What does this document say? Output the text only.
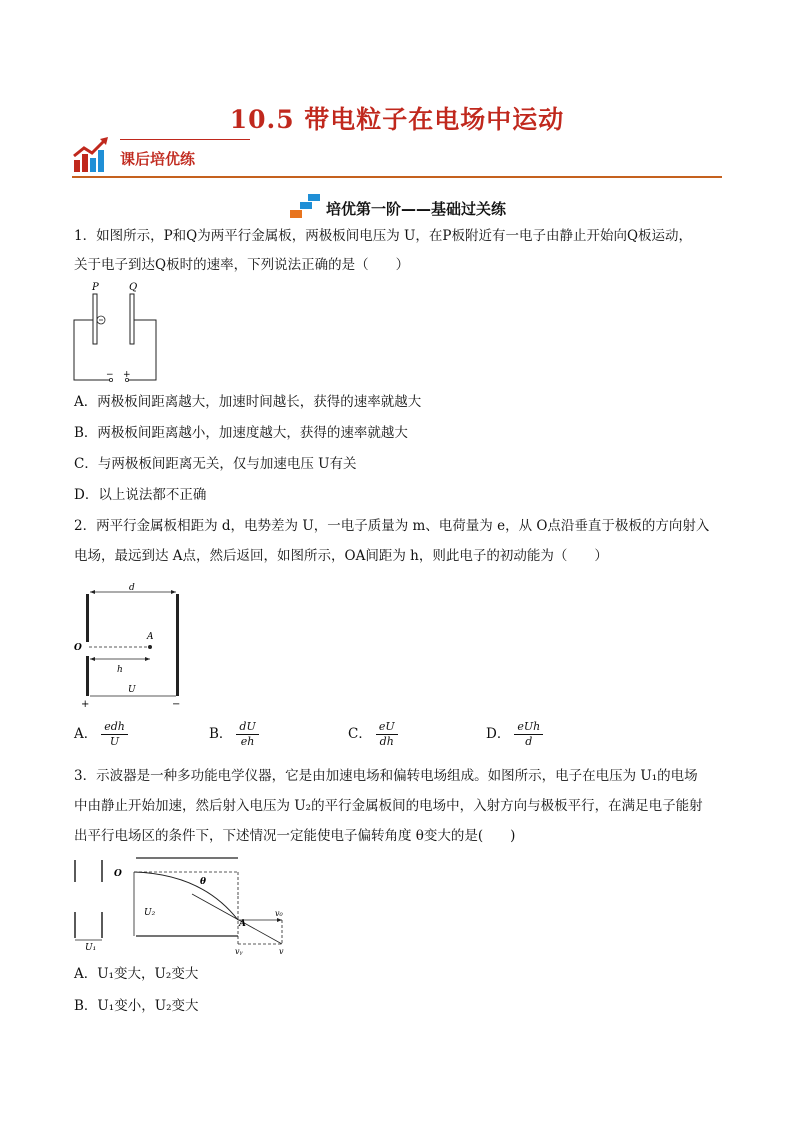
10.5 带电粒子在电场中运动
课后培优练
培优第一阶——基础过关练
1．如图所示，P和Q为两平行金属板，两极板间电压为 U，在P板附近有一电子由静止开始向Q板运动，
关于电子到达Q板时的速率，下列说法正确的是（　　）
P	Q
− +
A．两极板间距离越大，加速时间越长，获得的速率就越大
B．两极板间距离越小，加速度越大，获得的速率就越大
C．与两极板间距离无关，仅与加速电压 U有关
D．以上说法都不正确
2．两平行金属板相距为 d，电势差为 U，一电子质量为 m、电荷量为 e，从 O点沿垂直于极板的方向射入
电场，最远到达 A点，然后返回，如图所示，OA间距为 h，则此电子的初动能为（　　）
d
O
A
h
U
+	−
A． $\frac{\text{edh}}{U}$	B． $\frac{dU}{eh}$	C． $\frac{eU}{dh}$	D． $\frac{\text{eUh}}{d}$
3．示波器是一种多功能电学仪器，它是由加速电场和偏转电场组成。如图所示，电子在电压为 U₁的电场
中由静止开始加速，然后射入电压为 U₂的平行金属板间的电场中，入射方向与极板平行，在满足电子能射
出平行电场区的条件下，下述情况一定能使电子偏转角度 θ变大的是(　　)
U₁
O
U₂
θ
A
v₀
vᵧ	v
A．U₁变大，U₂变大
B．U₁变小，U₂变大
